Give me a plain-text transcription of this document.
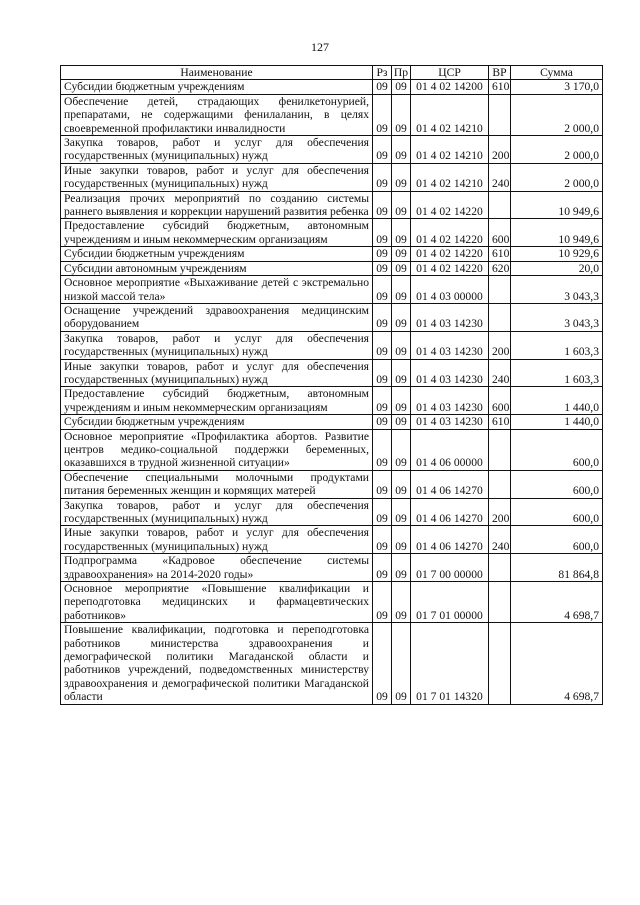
127
Наименование	Рз	Пр	ЦСР	ВР	Сумма
Субсидии бюджетным учреждениям	09	09	01 4 02 14200	610	3 170,0
Обеспечение детей, страдающих фенилкетонурией, препаратами, не содержащими фенилаланин, в целях своевременной профилактики инвалидности	09	09	01 4 02 14210		2 000,0
Закупка товаров, работ и услуг для обеспечения государственных (муниципальных) нужд	09	09	01 4 02 14210	200	2 000,0
Иные закупки товаров, работ и услуг для обеспечения государственных (муниципальных) нужд	09	09	01 4 02 14210	240	2 000,0
Реализация прочих мероприятий по созданию системы раннего выявления и коррекции нарушений развития ребенка	09	09	01 4 02 14220		10 949,6
Предоставление субсидий бюджетным, автономным учреждениям и иным некоммерческим организациям	09	09	01 4 02 14220	600	10 949,6
Субсидии бюджетным учреждениям	09	09	01 4 02 14220	610	10 929,6
Субсидии автономным учреждениям	09	09	01 4 02 14220	620	20,0
Основное мероприятие «Выхаживание детей с экстремально низкой массой тела»	09	09	01 4 03 00000		3 043,3
Оснащение учреждений здравоохранения медицинским оборудованием	09	09	01 4 03 14230		3 043,3
Закупка товаров, работ и услуг для обеспечения государственных (муниципальных) нужд	09	09	01 4 03 14230	200	1 603,3
Иные закупки товаров, работ и услуг для обеспечения государственных (муниципальных) нужд	09	09	01 4 03 14230	240	1 603,3
Предоставление субсидий бюджетным, автономным учреждениям и иным некоммерческим организациям	09	09	01 4 03 14230	600	1 440,0
Субсидии бюджетным учреждениям	09	09	01 4 03 14230	610	1 440,0
Основное мероприятие «Профилактика абортов. Развитие центров медико-социальной поддержки беременных, оказавшихся в трудной жизненной ситуации»	09	09	01 4 06 00000		600,0
Обеспечение специальными молочными продуктами питания беременных женщин и кормящих матерей	09	09	01 4 06 14270		600,0
Закупка товаров, работ и услуг для обеспечения государственных (муниципальных) нужд	09	09	01 4 06 14270	200	600,0
Иные закупки товаров, работ и услуг для обеспечения государственных (муниципальных) нужд	09	09	01 4 06 14270	240	600,0
Подпрограмма «Кадровое обеспечение системы здравоохранения» на 2014-2020 годы»	09	09	01 7 00 00000		81 864,8
Основное мероприятие «Повышение квалификации и переподготовка медицинских и фармацевтических работников»	09	09	01 7 01 00000		4 698,7
Повышение квалификации, подготовка и переподготовка работников министерства здравоохранения и демографической политики Магаданской области и работников учреждений, подведомственных министерству здравоохранения и демографической политики Магаданской области	09	09	01 7 01 14320		4 698,7
